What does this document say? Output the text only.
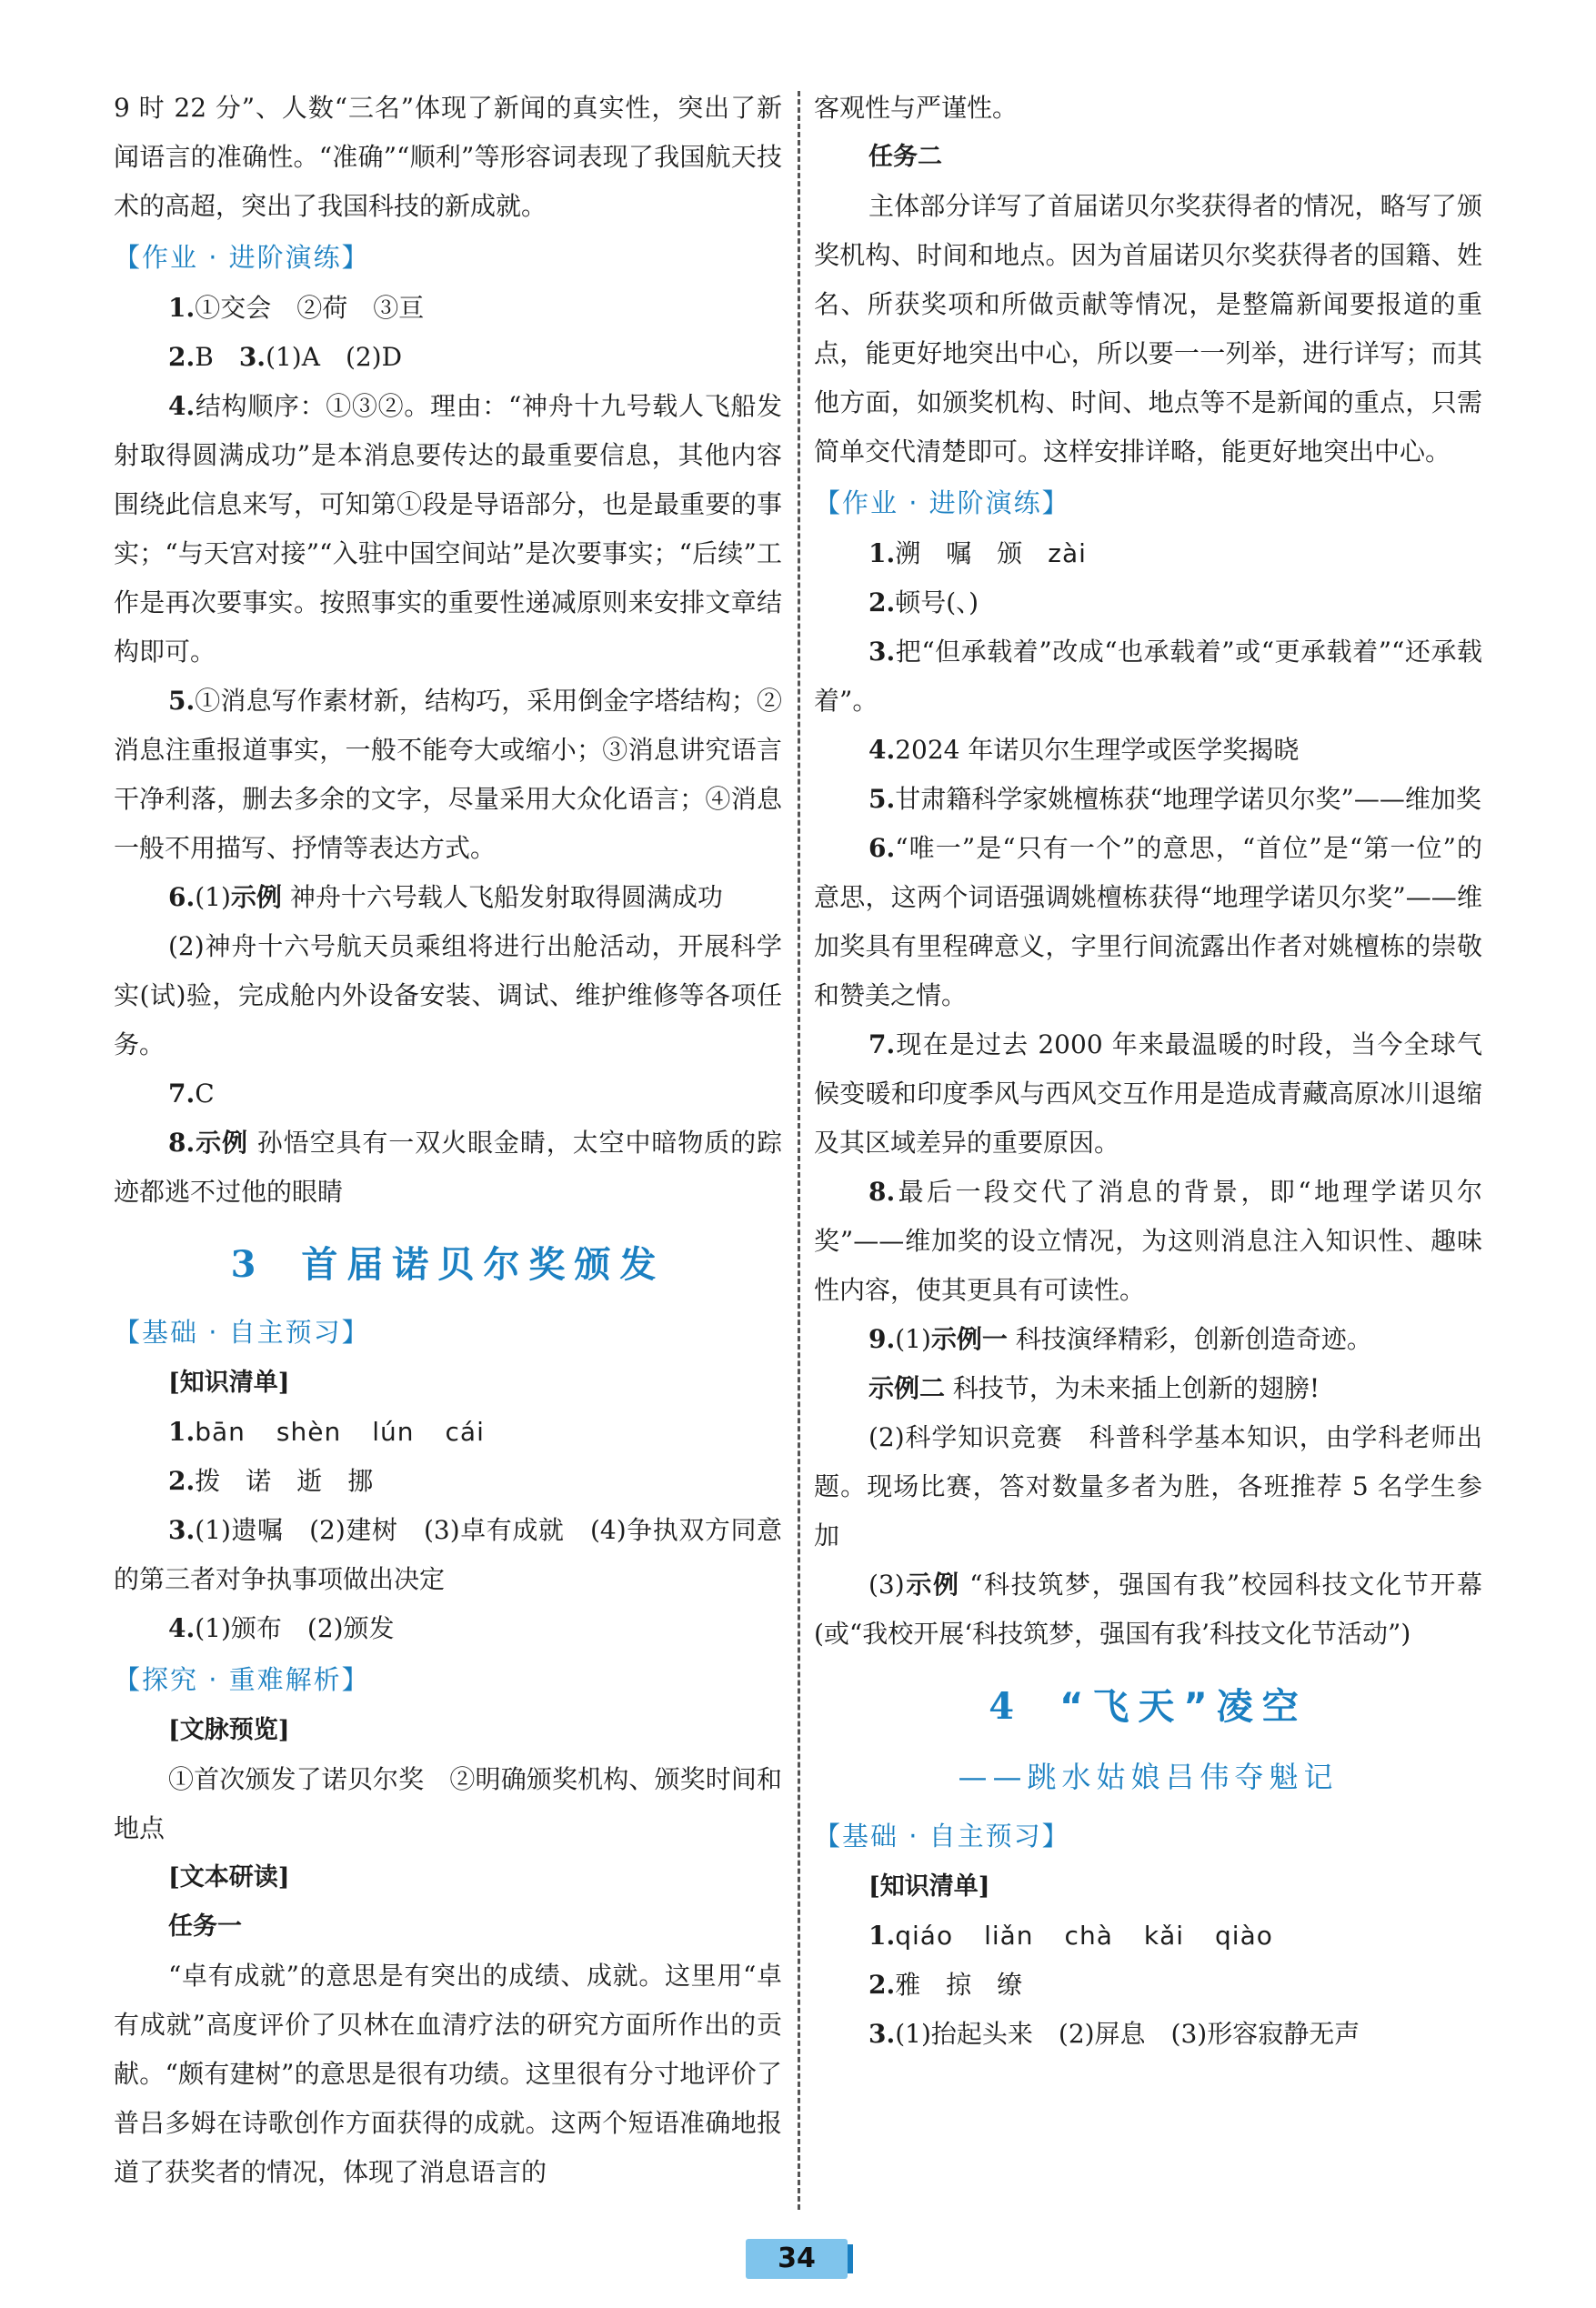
9 时 22 分”、人数“三名”体现了新闻的真实性，突出了新闻语言的准确性。“准确”“顺利”等形容词表现了我国航天技术的高超，突出了我国科技的新成就。

【作业 · 进阶演练】

1.①交会　②荷　③亘

2.B　 3.(1)A　(2)D

4.结构顺序：①③②。理由：“神舟十九号载人飞船发射取得圆满成功”是本消息要传达的最重要信息，其他内容围绕此信息来写，可知第①段是导语部分，也是最重要的事实；“与天宫对接”“入驻中国空间站”是次要事实；“后续”工作是再次要事实。按照事实的重要性递减原则来安排文章结构即可。

5.①消息写作素材新，结构巧，采用倒金字塔结构；②消息注重报道事实，一般不能夸大或缩小；③消息讲究语言干净利落，删去多余的文字，尽量采用大众化语言；④消息一般不用描写、抒情等表达方式。

6.(1)示例 神舟十六号载人飞船发射取得圆满成功

(2)神舟十六号航天员乘组将进行出舱活动，开展科学实(试)验，完成舱内外设备安装、调试、维护维修等各项任务。

7.C

8.示例 孙悟空具有一双火眼金睛，太空中暗物质的踪迹都逃不过他的眼睛

3 首届诺贝尔奖颁发
【基础 · 自主预习】

[知识清单]

1.bān shèn lún cái

2.拨　诺　逝　挪

3.(1)遗嘱　(2)建树　(3)卓有成就　(4)争执双方同意的第三者对争执事项做出决定

4.(1)颁布　(2)颁发

【探究 · 重难解析】

[文脉预览]

①首次颁发了诺贝尔奖　②明确颁奖机构、颁奖时间和地点

[文本研读]

任务一

“卓有成就”的意思是有突出的成绩、成就。这里用“卓有成就”高度评价了贝林在血清疗法的研究方面所作出的贡献。“颇有建树”的意思是很有功绩。这里很有分寸地评价了普吕多姆在诗歌创作方面获得的成就。这两个短语准确地报道了获奖者的情况，体现了消息语言的

客观性与严谨性。

任务二

主体部分详写了首届诺贝尔奖获得者的情况，略写了颁奖机构、时间和地点。因为首届诺贝尔奖获得者的国籍、姓名、所获奖项和所做贡献等情况，是整篇新闻要报道的重点，能更好地突出中心，所以要一一列举，进行详写；而其他方面，如颁奖机构、时间、地点等不是新闻的重点，只需简单交代清楚即可。这样安排详略，能更好地突出中心。

【作业 · 进阶演练】

1.溯　嘱　颁　 zài

2.顿号(、)

3.把“但承载着”改成“也承载着”或“更承载着”“还承载着”。

4.2024 年诺贝尔生理学或医学奖揭晓

5.甘肃籍科学家姚檀栋获“地理学诺贝尔奖”——维加奖

6.“唯一”是“只有一个”的意思，“首位”是“第一位”的意思，这两个词语强调姚檀栋获得“地理学诺贝尔奖”——维加奖具有里程碑意义，字里行间流露出作者对姚檀栋的崇敬和赞美之情。

7.现在是过去 2000 年来最温暖的时段，当今全球气候变暖和印度季风与西风交互作用是造成青藏高原冰川退缩及其区域差异的重要原因。

8.最后一段交代了消息的背景，即“地理学诺贝尔奖”——维加奖的设立情况，为这则消息注入知识性、趣味性内容，使其更具有可读性。

9.(1)示例一 科技演绎精彩，创新创造奇迹。

示例二 科技节，为未来插上创新的翅膀!

(2)科学知识竞赛　科普科学基本知识，由学科老师出题。现场比赛，答对数量多者为胜，各班推荐 5 名学生参加

(3)示例 “科技筑梦，强国有我”校园科技文化节开幕(或“我校开展‘科技筑梦，强国有我’科技文化节活动”)

4 “飞天”凌空
——跳水姑娘吕伟夺魁记
【基础 · 自主预习】

[知识清单]

1.qiáo liǎn chà kǎi qiào

2.雅　掠　缭

3.(1)抬起头来　(2)屏息　(3)形容寂静无声

34
